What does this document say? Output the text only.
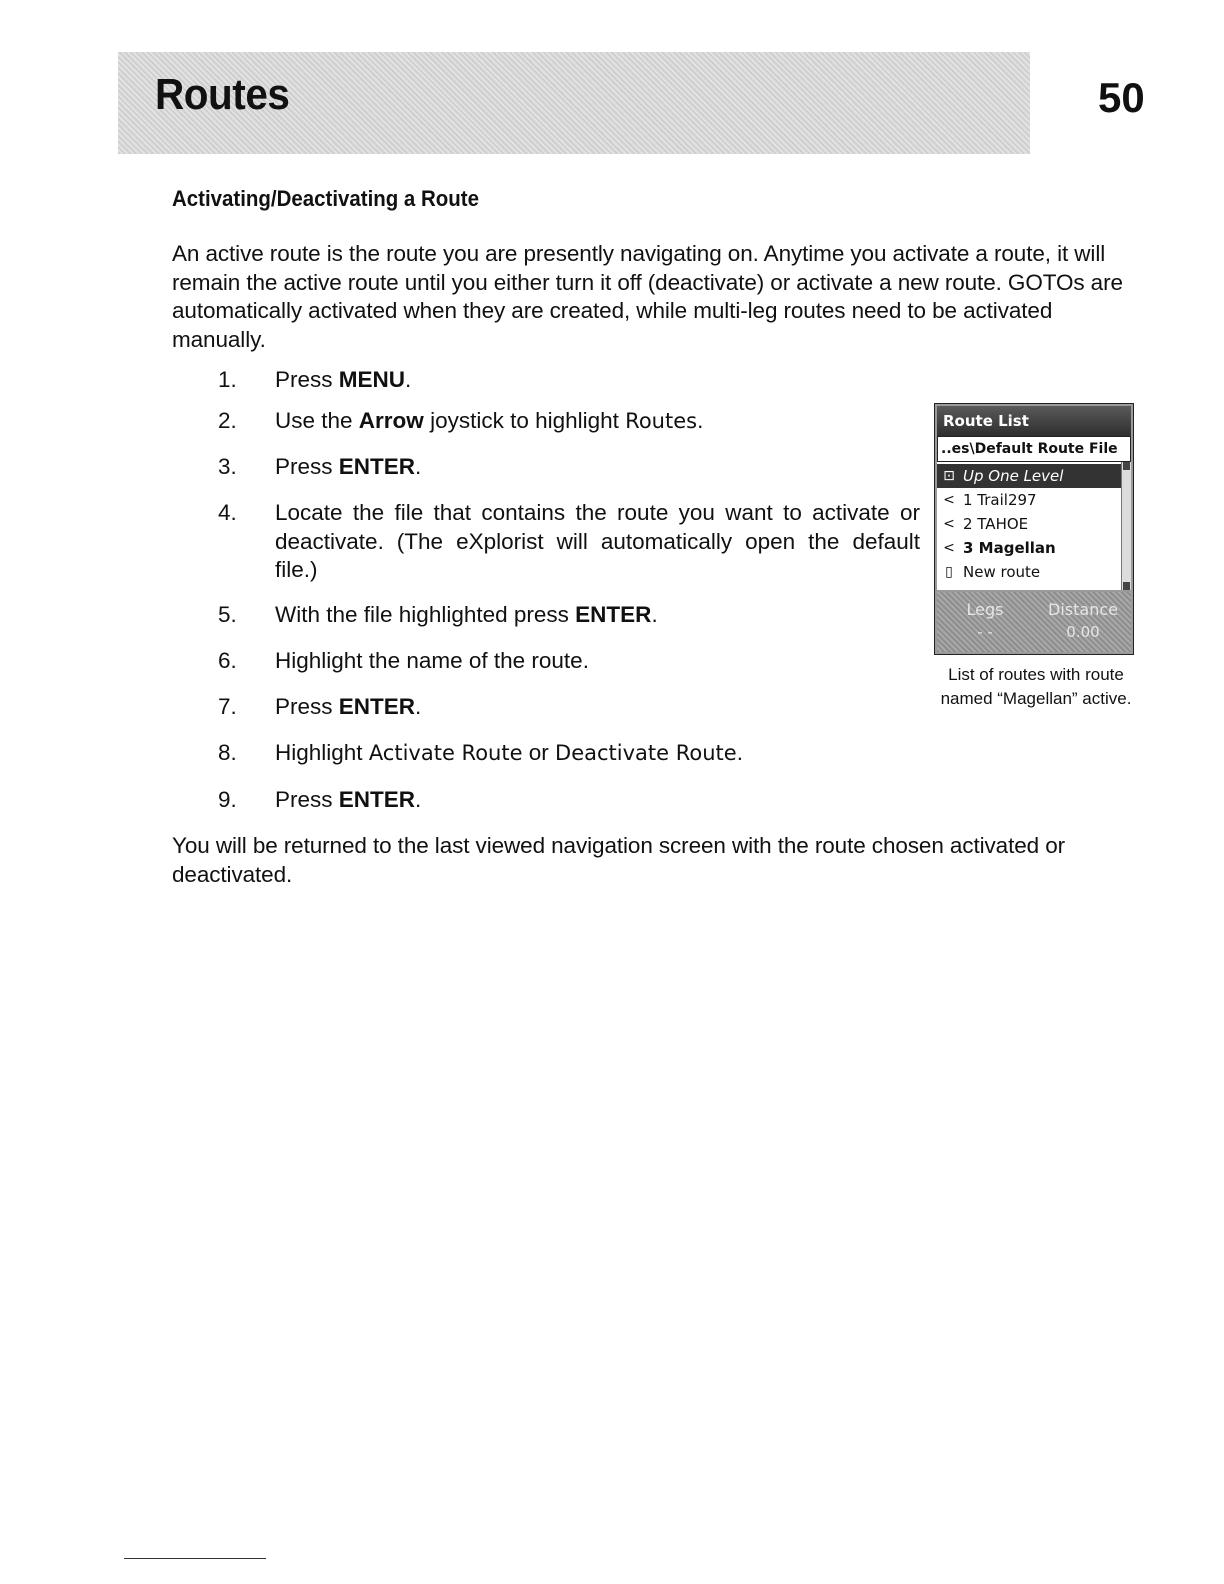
Routes	50
Activating/Deactivating a Route
An active route is the route you are presently navigating on. Anytime you activate a route, it will remain the active route until you either turn it off (deactivate) or activate a new route. GOTOs are automatically activated when they are created, while multi-leg routes need to be activated manually.
1. Press MENU.
2. Use the Arrow joystick to highlight Routes.
3. Press ENTER.
4. Locate the file that contains the route you want to activate or deactivate. (The eXplorist will automatically open the default file.)
5. With the file highlighted press ENTER.
6. Highlight the name of the route.
7. Press ENTER.
8. Highlight Activate Route or Deactivate Route.
9. Press ENTER.
Route List
..es\Default Route File
⊡ Up One Level
< 1 Trail297
< 2 TAHOE
< 3 Magellan
▯ New route
Legs
- -
Distance
0.00
List of routes with route named “Magellan” active.
You will be returned to the last viewed navigation screen with the route chosen activated or deactivated.
